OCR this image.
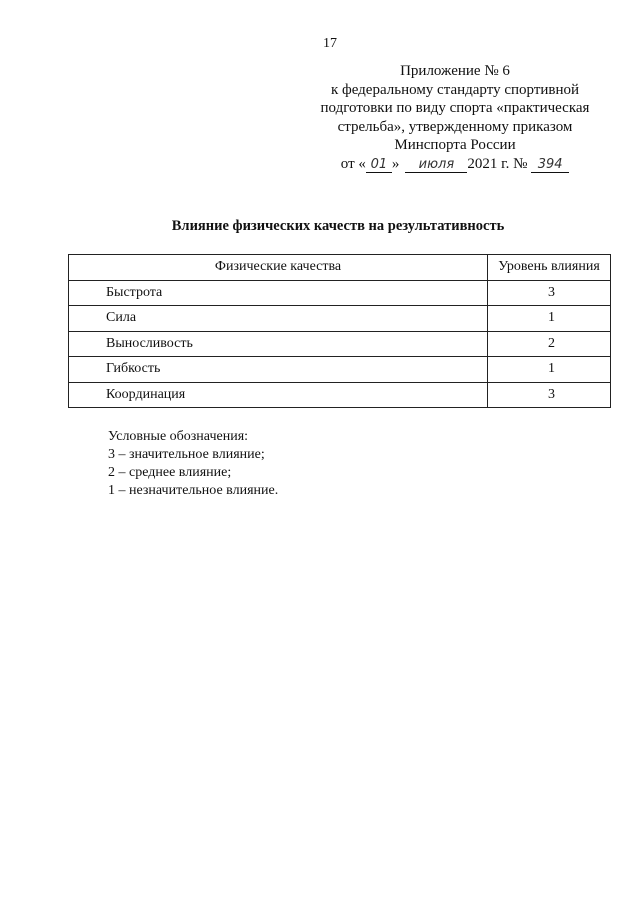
17
Приложение № 6
к федеральному стандарту спортивной
подготовки по виду спорта «практическая
стрельба», утвержденному приказом
Минспорта России
от « 01 » июля 2021 г. № 394
Влияние физических качеств на результативность
Физические качества	Уровень влияния
Быстрота	3
Сила	1
Выносливость	2
Гибкость	1
Координация	3
Условные обозначения:
3 – значительное влияние;
2 – среднее влияние;
1 – незначительное влияние.
